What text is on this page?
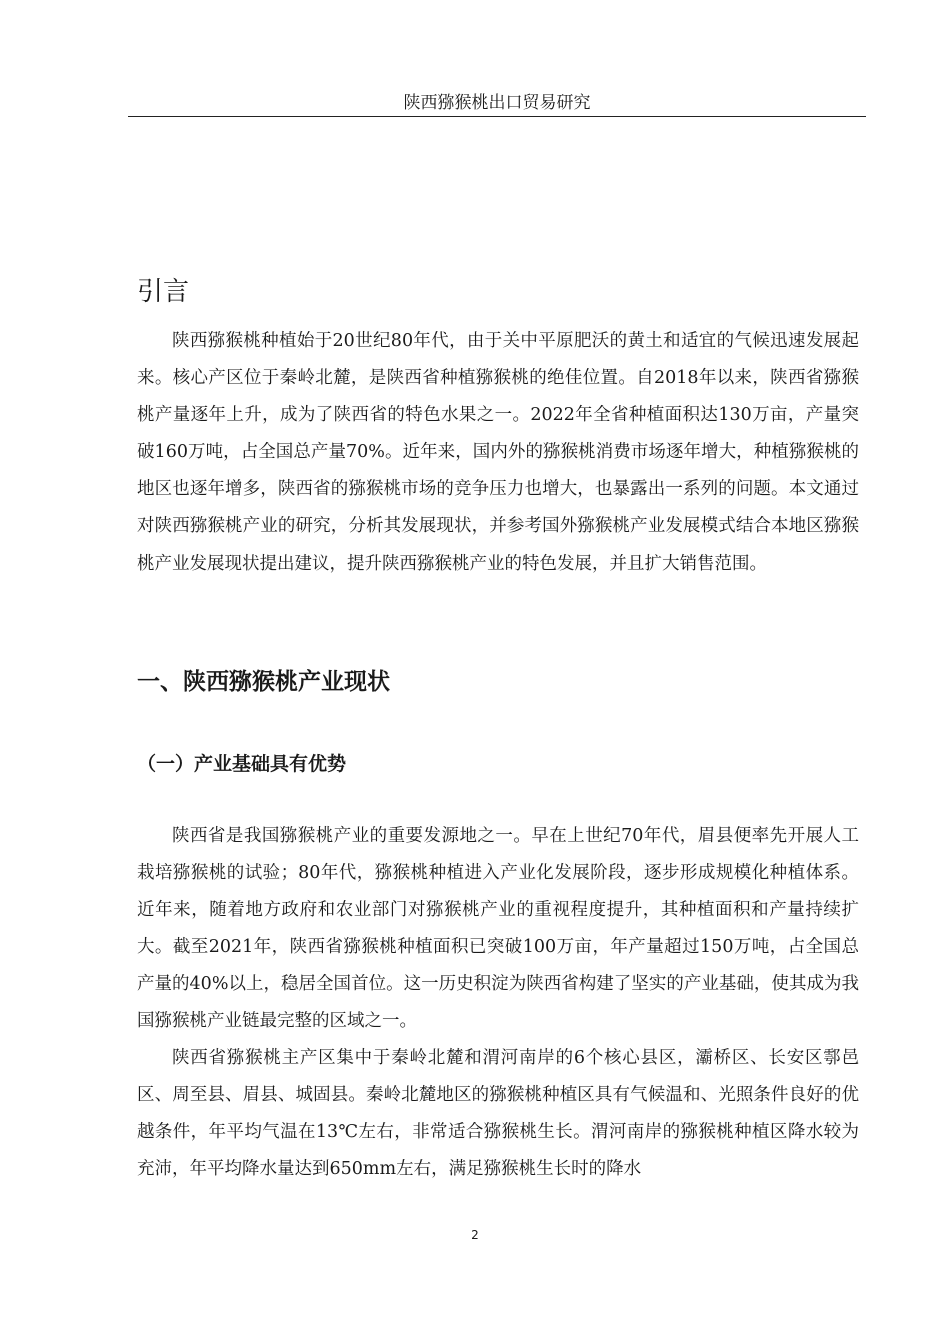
陕西猕猴桃出口贸易研究
引言

陕西猕猴桃种植始于20世纪80年代，由于关中平原肥沃的黄土和适宜的气候迅速发展起来。核心产区位于秦岭北麓，是陕西省种植猕猴桃的绝佳位置。自2018年以来，陕西省猕猴桃产量逐年上升，成为了陕西省的特色水果之一。2022年全省种植面积达130万亩，产量突破160万吨，占全国总产量70%。近年来，国内外的猕猴桃消费市场逐年增大，种植猕猴桃的地区也逐年增多，陕西省的猕猴桃市场的竞争压力也增大，也暴露出一系列的问题。本文通过对陕西猕猴桃产业的研究，分析其发展现状，并参考国外猕猴桃产业发展模式结合本地区猕猴桃产业发展现状提出建议，提升陕西猕猴桃产业的特色发展，并且扩大销售范围。

一、陕西猕猴桃产业现状
（一）产业基础具有优势

陕西省是我国猕猴桃产业的重要发源地之一。早在上世纪70年代，眉县便率先开展人工栽培猕猴桃的试验；80年代，猕猴桃种植进入产业化发展阶段，逐步形成规模化种植体系。近年来，随着地方政府和农业部门对猕猴桃产业的重视程度提升，其种植面积和产量持续扩大。截至2021年，陕西省猕猴桃种植面积已突破100万亩，年产量超过150万吨，占全国总产量的40%以上，稳居全国首位。这一历史积淀为陕西省构建了坚实的产业基础，使其成为我国猕猴桃产业链最完整的区域之一。

陕西省猕猴桃主产区集中于秦岭北麓和渭河南岸的6个核心县区，灞桥区、长安区鄠邑区、周至县、眉县、城固县。秦岭北麓地区的猕猴桃种植区具有气候温和、光照条件良好的优越条件，年平均气温在13℃左右，非常适合猕猴桃生长。渭河南岸的猕猴桃种植区降水较为充沛，年平均降水量达到650mm左右，满足猕猴桃生长时的降水

2
